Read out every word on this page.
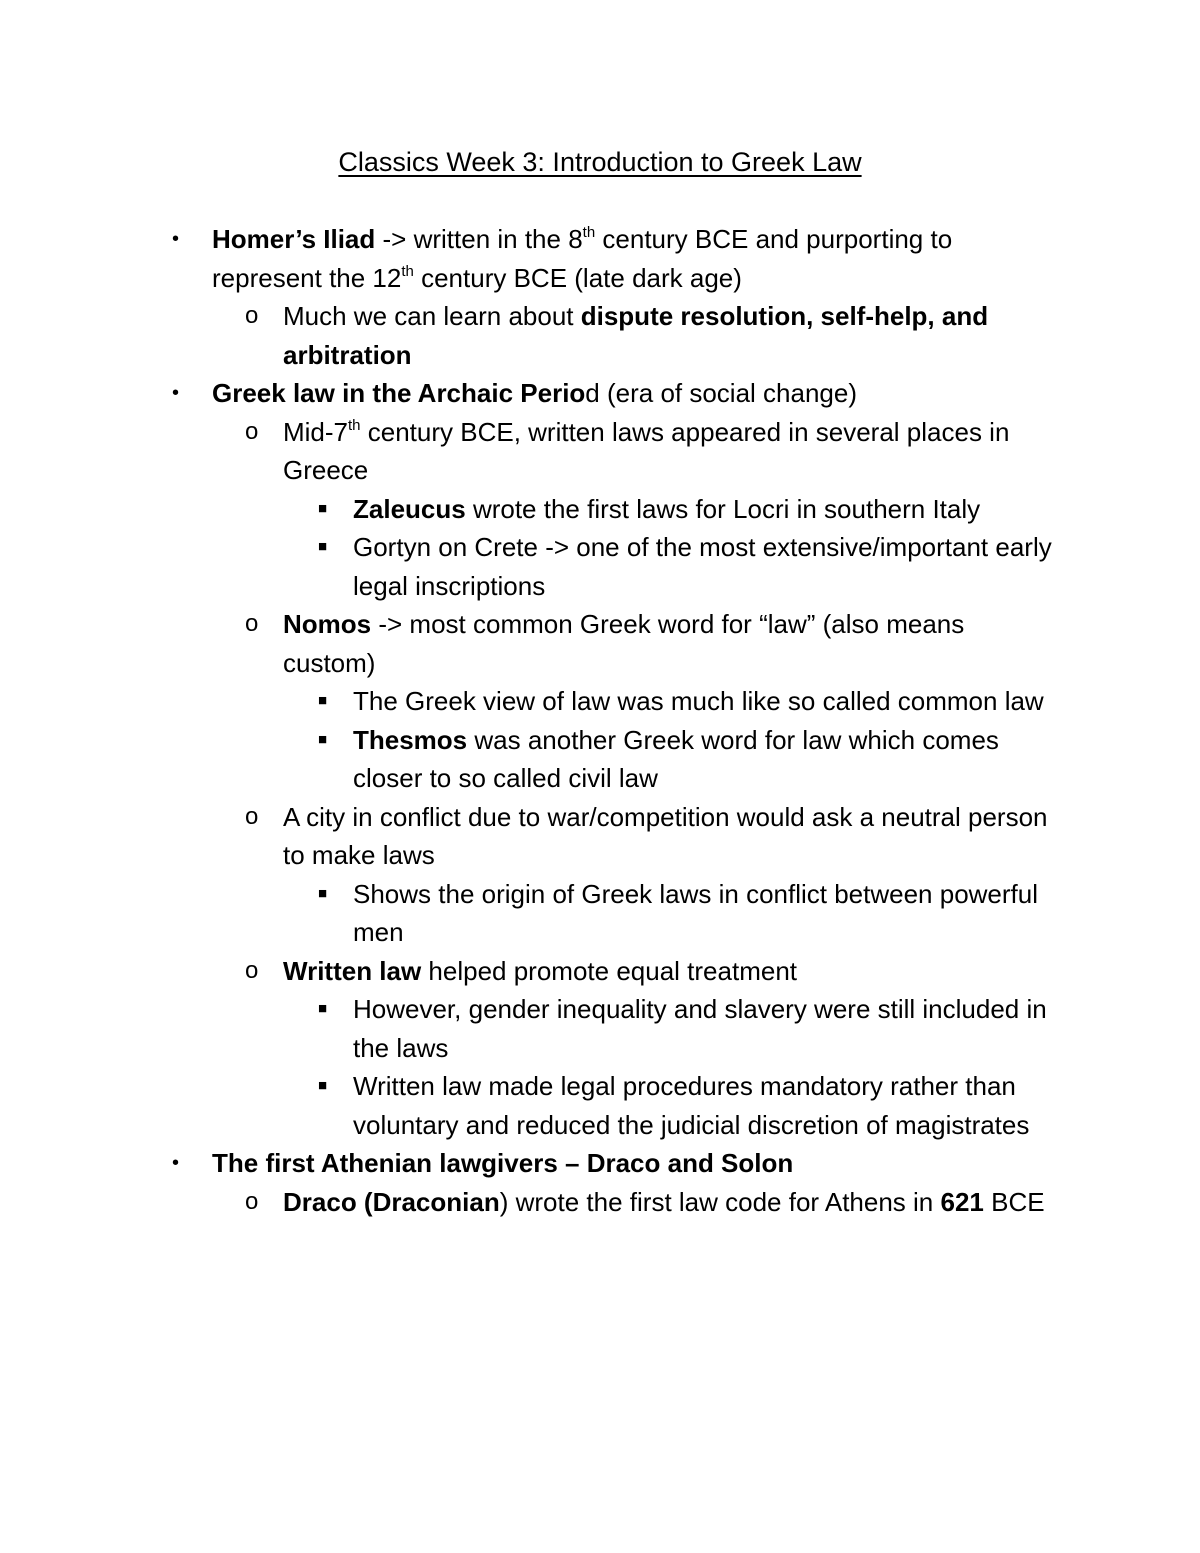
Classics Week 3: Introduction to Greek Law
• Homer’s Iliad -> written in the 8th century BCE and purporting to represent the 12th century BCE (late dark age)
o Much we can learn about dispute resolution, self-help, and arbitration
• Greek law in the Archaic Period (era of social change)
o Mid-7th century BCE, written laws appeared in several places in Greece
■ Zaleucus wrote the first laws for Locri in southern Italy
■ Gortyn on Crete -> one of the most extensive/important early legal inscriptions
o Nomos -> most common Greek word for “law” (also means custom)
■ The Greek view of law was much like so called common law
■ Thesmos was another Greek word for law which comes closer to so called civil law
o A city in conflict due to war/competition would ask a neutral person to make laws
■ Shows the origin of Greek laws in conflict between powerful men
o Written law helped promote equal treatment
■ However, gender inequality and slavery were still included in the laws
■ Written law made legal procedures mandatory rather than voluntary and reduced the judicial discretion of magistrates
• The first Athenian lawgivers – Draco and Solon
o Draco (Draconian) wrote the first law code for Athens in 621 BCE
